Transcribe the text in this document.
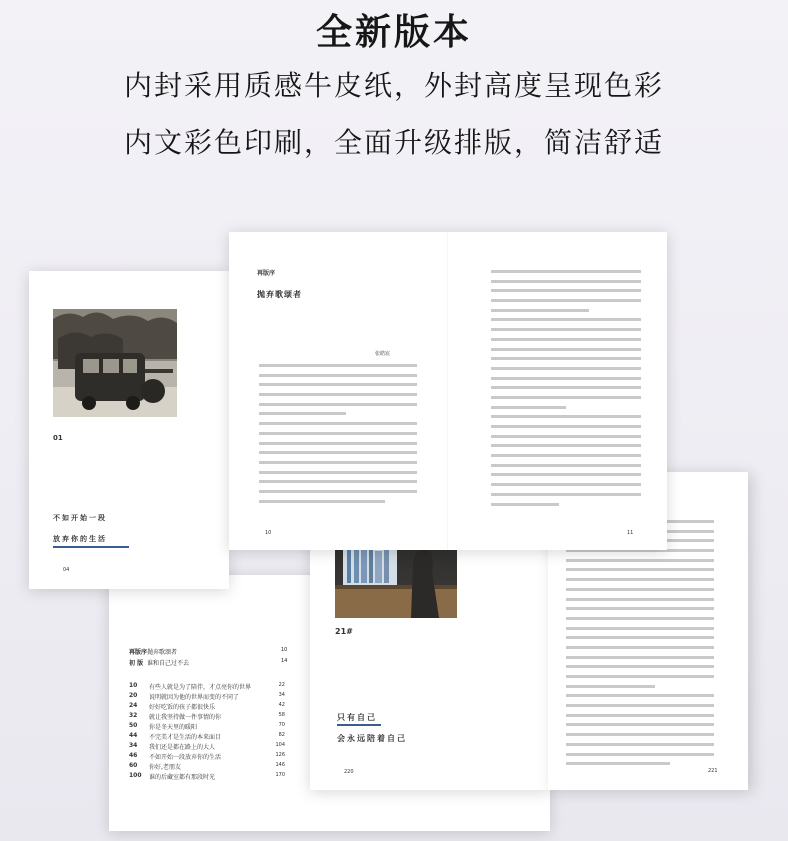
全新版本
内封采用质感牛皮纸，外封高度呈现色彩
内文彩色印刷，全面升级排版，简洁舒适
再版序 抛弃歌颂者	10
初 版 谁和自己过不去	14
10	有些人就是为了陪伴，才点亮你的世界	22
20	说明就因为他的世界而变的不同了	34
24	好好吃饭的孩子都很快乐	42
32	就让我坚持做一件事情的你	58
50	你是冬天里的暖阳	70
44	不完美才是生活的本来面目	82
34	我们还是都在路上的大人	104
46	不如开始一段放弃你的生活	126
60	你好,老朋友	146
100	谁的后藏室都有那段时光	170
21#
只有自己
会永远陪着自己
220	221
01
不如开始一段
放弃你的生活
04
再版序
抛弃歌颂者
张皓宸
10	11
